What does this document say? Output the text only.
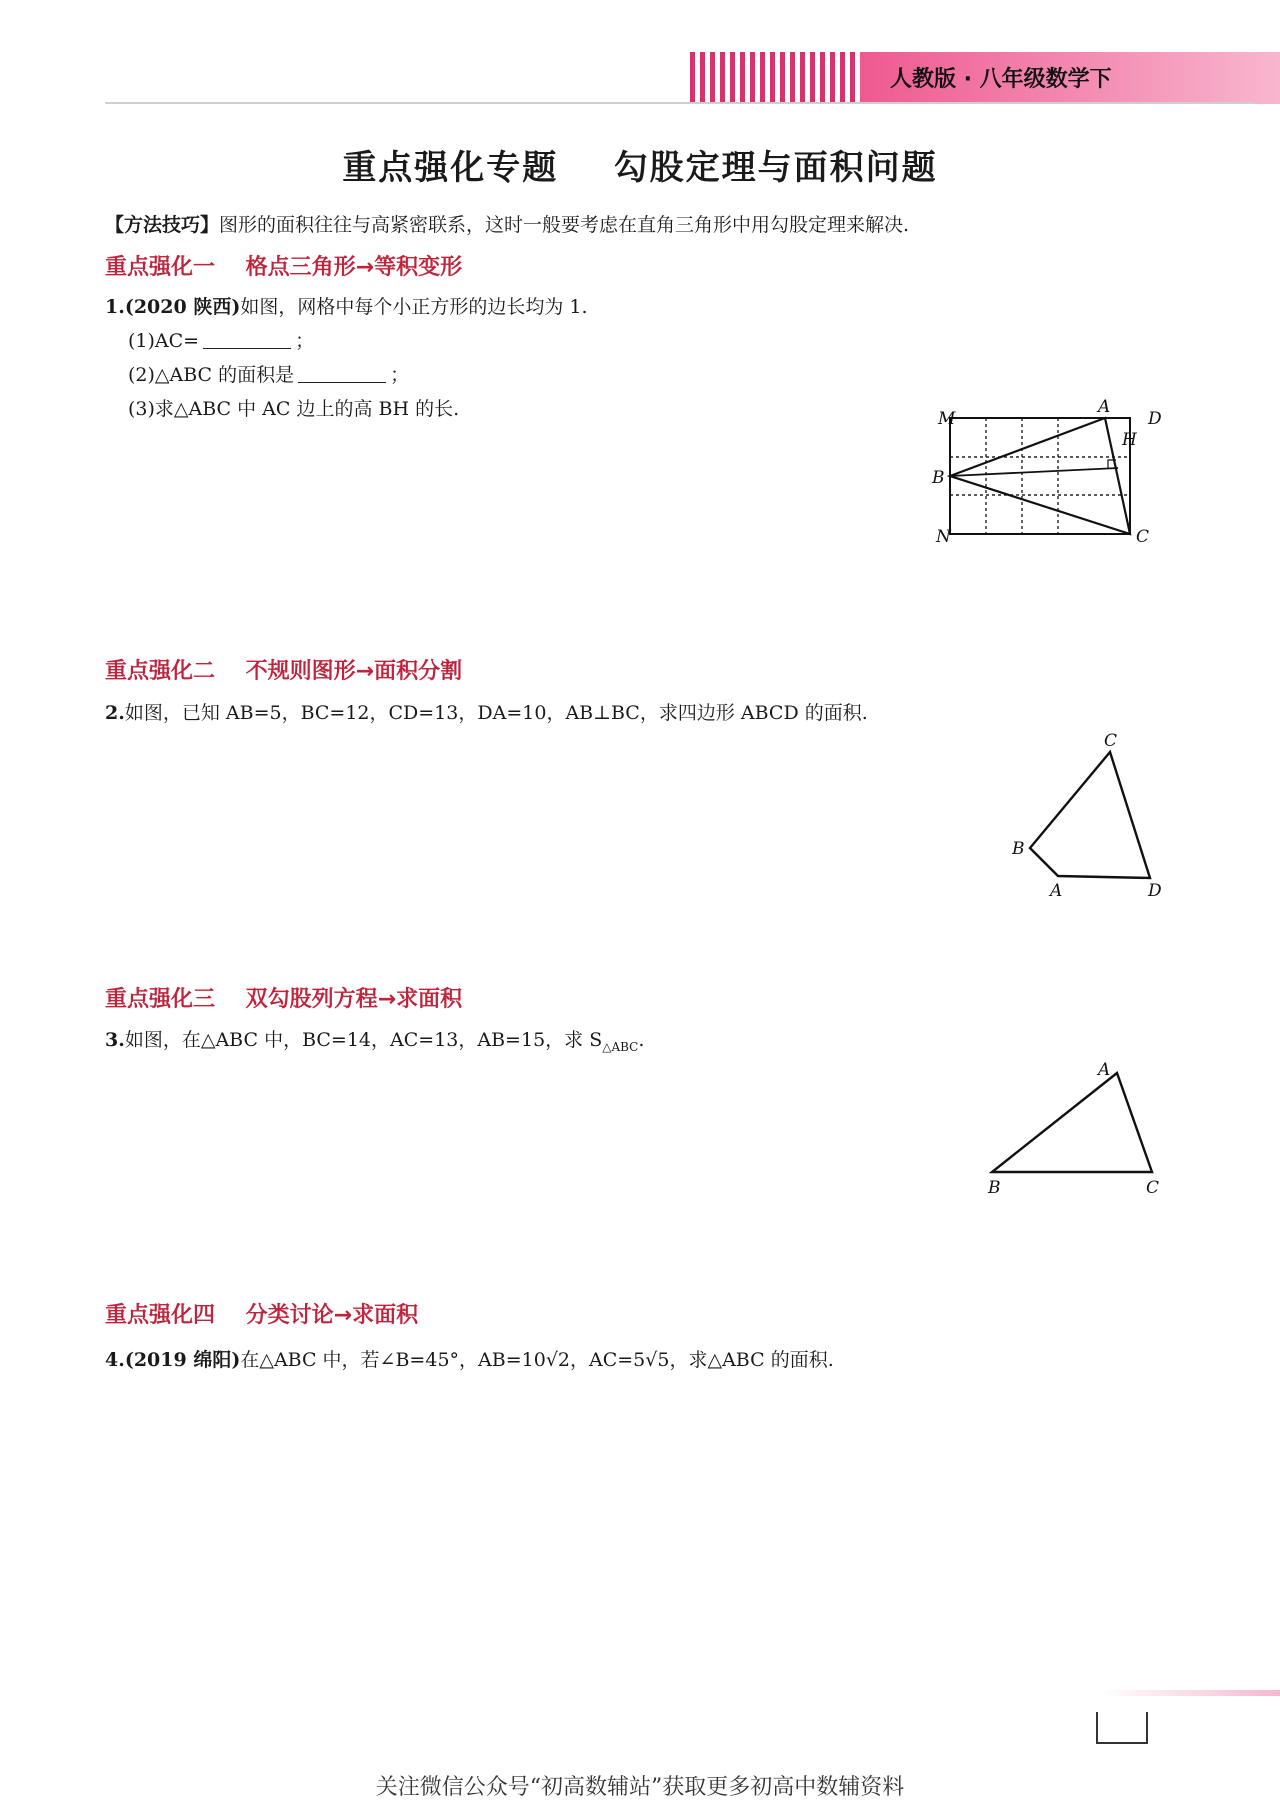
人教版 · 八年级数学下
重点强化专题    勾股定理与面积问题
【方法技巧】图形的面积往往与高紧密联系，这时一般要考虑在直角三角形中用勾股定理来解决.
重点强化一    格点三角形→等积变形
1.(2020 陕西)如图，网格中每个小正方形的边长均为 1.
(1)AC=	；
(2)△ABC 的面积是	；
(3)求△ABC 中 AC 边上的高 BH 的长.	M
A
D
H
B
N	C
重点强化二    不规则图形→面积分割
2.如图，已知 AB=5，BC=12，CD=13，DA=10，AB⊥BC，求四边形 ABCD 的面积.
C
B
A	D
重点强化三    双勾股列方程→求面积
3.如图，在△ABC 中，BC=14，AC=13，AB=15，求 $S_{\triangle ABC}$.
A
B	C
重点强化四    分类讨论→求面积
4.(2019 绵阳)在△ABC 中，若∠B=45°，AB=10√2，AC=5√5，求△ABC 的面积.
关注微信公众号“初高数辅站”获取更多初高中数辅资料
